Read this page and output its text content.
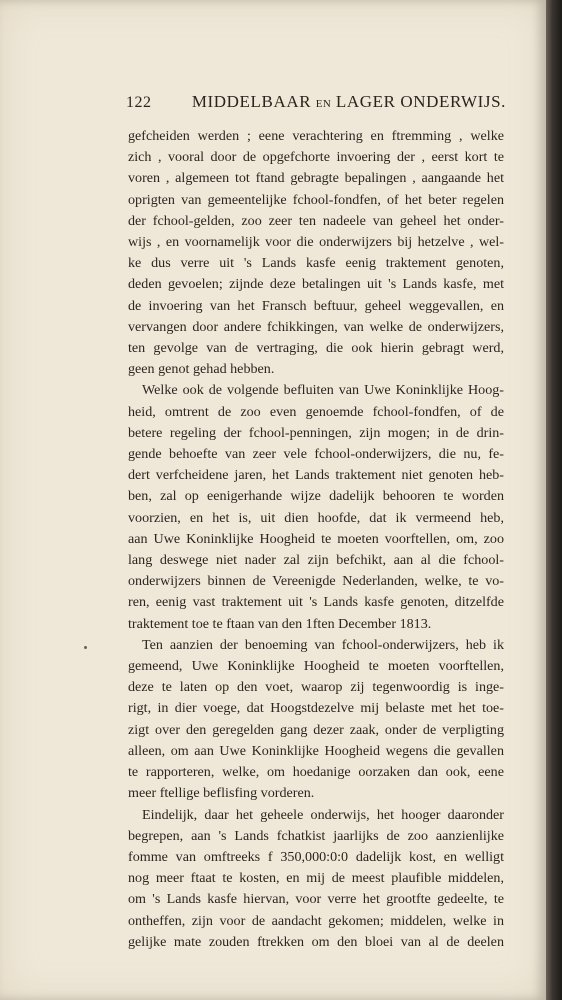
122 MIDDELBAAR EN LAGER ONDERWIJS.
gefcheiden werden ; eene verachtering en ftremming , welke
zich , vooral door de opgefchorte invoering der , eerst kort te
voren , algemeen tot ftand gebragte bepalingen , aangaande het
oprigten van gemeentelijke fchool-fondfen, of het beter regelen
der fchool-gelden, zoo zeer ten nadeele van geheel het onder-
wijs , en voornamelijk voor die onderwijzers bij hetzelve , wel-
ke dus verre uit 's Lands kasfe eenig traktement genoten,
deden gevoelen; zijnde deze betalingen uit 's Lands kasfe, met
de invoering van het Fransch beftuur, geheel weggevallen, en
vervangen door andere fchikkingen, van welke de onderwijzers,
ten gevolge van de vertraging, die ook hierin gebragt werd,
geen genot gehad hebben.
Welke ook de volgende befluiten van Uwe Koninklijke Hoog-
heid, omtrent de zoo even genoemde fchool-fondfen, of de
betere regeling der fchool-penningen, zijn mogen; in de drin-
gende behoefte van zeer vele fchool-onderwijzers, die nu, fe-
dert verfcheidene jaren, het Lands traktement niet genoten heb-
ben, zal op eenigerhande wijze dadelijk behooren te worden
voorzien, en het is, uit dien hoofde, dat ik vermeend heb,
aan Uwe Koninklijke Hoogheid te moeten voorftellen, om, zoo
lang deswege niet nader zal zijn befchikt, aan al die fchool-
onderwijzers binnen de Vereenigde Nederlanden, welke, te vo-
ren, eenig vast traktement uit 's Lands kasfe genoten, ditzelfde
traktement toe te ftaan van den 1ften December 1813.
Ten aanzien der benoeming van fchool-onderwijzers, heb ik
gemeend, Uwe Koninklijke Hoogheid te moeten voorftellen,
deze te laten op den voet, waarop zij tegenwoordig is inge-
rigt, in dier voege, dat Hoogstdezelve mij belaste met het toe-
zigt over den geregelden gang dezer zaak, onder de verpligting
alleen, om aan Uwe Koninklijke Hoogheid wegens die gevallen
te rapporteren, welke, om hoedanige oorzaken dan ook, eene
meer ftellige beflisfing vorderen.
Eindelijk, daar het geheele onderwijs, het hooger daaronder
begrepen, aan 's Lands fchatkist jaarlijks de zoo aanzienlijke
fomme van omftreeks f 350,000:0:0 dadelijk kost, en welligt
nog meer ftaat te kosten, en mij de meest plaufible middelen,
om 's Lands kasfe hiervan, voor verre het grootfte gedeelte, te
ontheffen, zijn voor de aandacht gekomen; middelen, welke in
gelijke mate zouden ftrekken om den bloei van al de deelen
